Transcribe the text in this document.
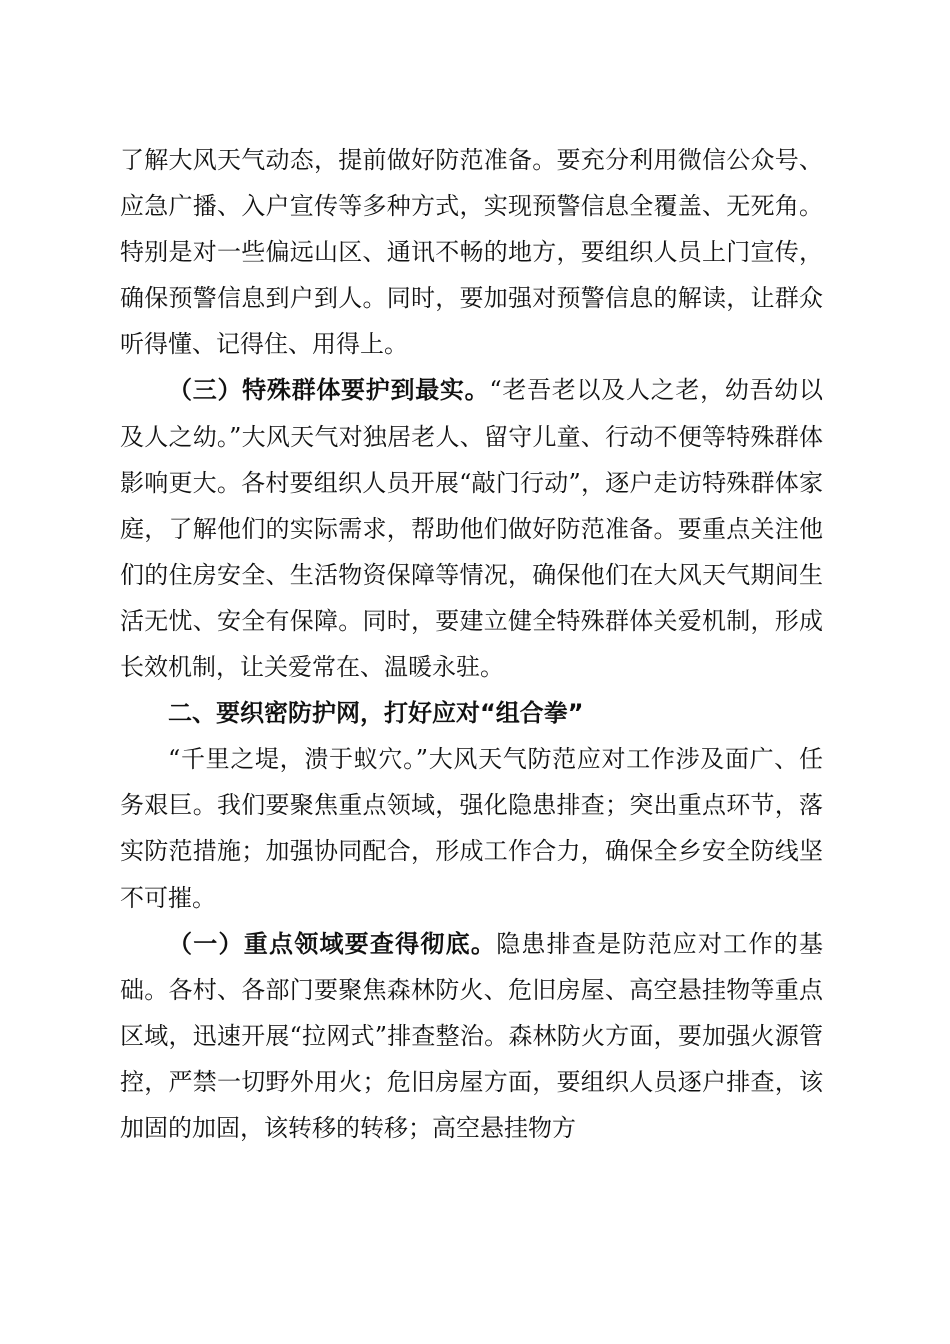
了解大风天气动态，提前做好防范准备。要充分利用微信公众号、应急广播、入户宣传等多种方式，实现预警信息全覆盖、无死角。特别是对一些偏远山区、通讯不畅的地方，要组织人员上门宣传，确保预警信息到户到人。同时，要加强对预警信息的解读，让群众听得懂、记得住、用得上。

（三）特殊群体要护到最实。“老吾老以及人之老，幼吾幼以及人之幼。”大风天气对独居老人、留守儿童、行动不便等特殊群体影响更大。各村要组织人员开展“敲门行动”，逐户走访特殊群体家庭，了解他们的实际需求，帮助他们做好防范准备。要重点关注他们的住房安全、生活物资保障等情况，确保他们在大风天气期间生活无忧、安全有保障。同时，要建立健全特殊群体关爱机制，形成长效机制，让关爱常在、温暖永驻。

二、要织密防护网，打好应对“组合拳”

“千里之堤，溃于蚁穴。”大风天气防范应对工作涉及面广、任务艰巨。我们要聚焦重点领域，强化隐患排查；突出重点环节，落实防范措施；加强协同配合，形成工作合力，确保全乡安全防线坚不可摧。

（一）重点领域要查得彻底。隐患排查是防范应对工作的基础。各村、各部门要聚焦森林防火、危旧房屋、高空悬挂物等重点区域，迅速开展“拉网式”排查整治。森林防火方面，要加强火源管控，严禁一切野外用火；危旧房屋方面，要组织人员逐户排查，该加固的加固，该转移的转移；高空悬挂物方
